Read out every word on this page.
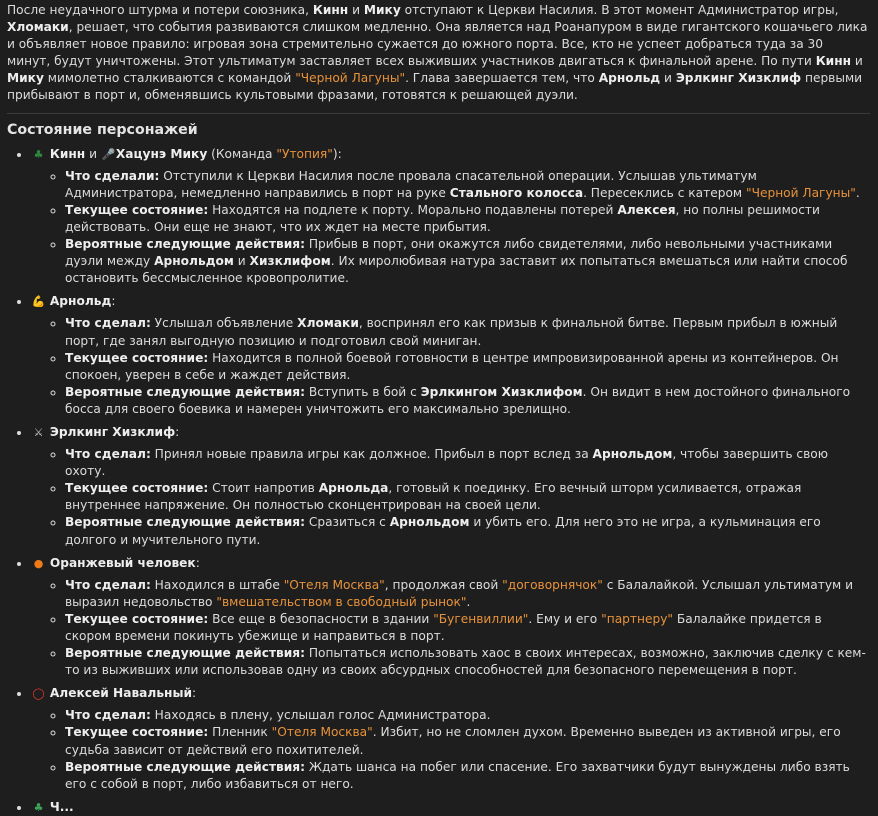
После неудачного штурма и потери союзника, Кинн и Мику отступают к Церкви Насилия. В этот момент Администратор игры, Хломаки, решает, что события развиваются слишком медленно. Она является над Роанапуром в виде гигантского кошачьего лика и объявляет новое правило: игровая зона стремительно сужается до южного порта. Все, кто не успеет добраться туда за 30 минут, будут уничтожены. Этот ультиматум заставляет всех выживших участников двигаться к финальной арене. По пути Кинн и Мику мимолетно сталкиваются с командой "Черной Лагуны". Глава завершается тем, что Арнольд и Эрлкинг Хизклиф первыми прибывают в порт и, обменявшись культовыми фразами, готовятся к решающей дуэли.

Состояние персонажей
• ♣ Кинн и 🎤Хацунэ Мику (Команда "Утопия"):
◦ Что сделали: Отступили к Церкви Насилия после провала спасательной операции. Услышав ультиматум Администратора, немедленно направились в порт на руке Стального колосса. Пересеклись с катером "Черной Лагуны".
◦ Текущее состояние: Находятся на подлете к порту. Морально подавлены потерей Алексея, но полны решимости действовать. Они еще не знают, что их ждет на месте прибытия.
◦ Вероятные следующие действия: Прибыв в порт, они окажутся либо свидетелями, либо невольными участниками дуэли между Арнольдом и Хизклифом. Их миролюбивая натура заставит их попытаться вмешаться или найти способ остановить бессмысленное кровопролитие.
• 💪 Арнольд:
◦ Что сделал: Услышал объявление Хломаки, воспринял его как призыв к финальной битве. Первым прибыл в южный порт, где занял выгодную позицию и подготовил свой миниган.
◦ Текущее состояние: Находится в полной боевой готовности в центре импровизированной арены из контейнеров. Он спокоен, уверен в себе и жаждет действия.
◦ Вероятные следующие действия: Вступить в бой с Эрлкингом Хизклифом. Он видит в нем достойного финального босса для своего боевика и намерен уничтожить его максимально зрелищно.
• ⚔ Эрлкинг Хизклиф:
◦ Что сделал: Принял новые правила игры как должное. Прибыл в порт вслед за Арнольдом, чтобы завершить свою охоту.
◦ Текущее состояние: Стоит напротив Арнольда, готовый к поединку. Его вечный шторм усиливается, отражая внутреннее напряжение. Он полностью сконцентрирован на своей цели.
◦ Вероятные следующие действия: Сразиться с Арнольдом и убить его. Для него это не игра, а кульминация его долгого и мучительного пути.
• ● Оранжевый человек:
◦ Что сделал: Находился в штабе "Отеля Москва", продолжая свой "договорнячок" с Балалайкой. Услышал ультиматум и выразил недовольство "вмешательством в свободный рынок".
◦ Текущее состояние: Все еще в безопасности в здании "Бугенвиллии". Ему и его "партнеру" Балалайке придется в скором времени покинуть убежище и направиться в порт.
◦ Вероятные следующие действия: Попытаться использовать хаос в своих интересах, возможно, заключив сделку с кем-то из выживших или использовав одну из своих абсурдных способностей для безопасного перемещения в порт.
• ◯ Алексей Навальный:
◦ Что сделал: Находясь в плену, услышал голос Администратора.
◦ Текущее состояние: Пленник "Отеля Москва". Избит, но не сломлен духом. Временно выведен из активной игры, его судьба зависит от действий его похитителей.
◦ Вероятные следующие действия: Ждать шанса на побег или спасение. Его захватчики будут вынуждены либо взять его с собой в порт, либо избавиться от него.
• ♣ Ч...
